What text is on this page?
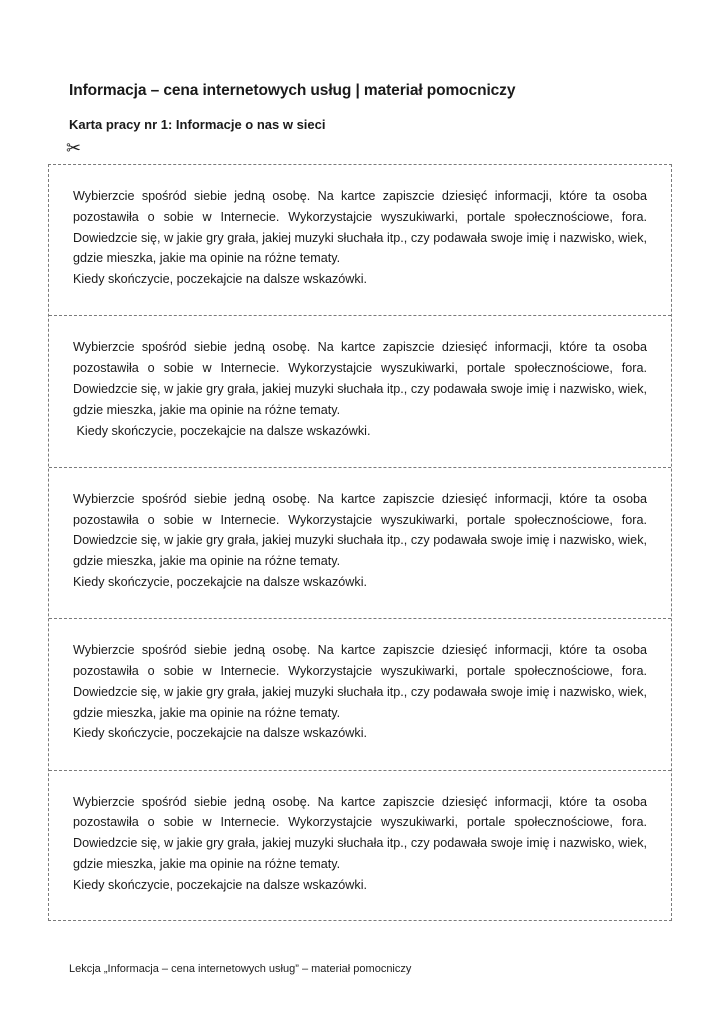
Informacja – cena internetowych usług | materiał pomocniczy
Karta pracy nr 1: Informacje o nas w sieci
✂

Wybierzcie spośród siebie jedną osobę. Na kartce zapiszcie dziesięć informacji, które ta osoba pozostawiła o sobie w Internecie. Wykorzystajcie wyszukiwarki, portale społecznościowe, fora. Dowiedzcie się, w jakie gry grała, jakiej muzyki słuchała itp., czy podawała swoje imię i nazwisko, wiek, gdzie mieszka, jakie ma opinie na różne tematy.

Kiedy skończycie, poczekajcie na dalsze wskazówki.

Wybierzcie spośród siebie jedną osobę. Na kartce zapiszcie dziesięć informacji, które ta osoba pozostawiła o sobie w Internecie. Wykorzystajcie wyszukiwarki, portale społecznościowe, fora. Dowiedzcie się, w jakie gry grała, jakiej muzyki słuchała itp., czy podawała swoje imię i nazwisko, wiek, gdzie mieszka, jakie ma opinie na różne tematy.

Kiedy skończycie, poczekajcie na dalsze wskazówki.

Wybierzcie spośród siebie jedną osobę. Na kartce zapiszcie dziesięć informacji, które ta osoba pozostawiła o sobie w Internecie. Wykorzystajcie wyszukiwarki, portale społecznościowe, fora. Dowiedzcie się, w jakie gry grała, jakiej muzyki słuchała itp., czy podawała swoje imię i nazwisko, wiek, gdzie mieszka, jakie ma opinie na różne tematy.

Kiedy skończycie, poczekajcie na dalsze wskazówki.

Wybierzcie spośród siebie jedną osobę. Na kartce zapiszcie dziesięć informacji, które ta osoba pozostawiła o sobie w Internecie. Wykorzystajcie wyszukiwarki, portale społecznościowe, fora. Dowiedzcie się, w jakie gry grała, jakiej muzyki słuchała itp., czy podawała swoje imię i nazwisko, wiek, gdzie mieszka, jakie ma opinie na różne tematy.

Kiedy skończycie, poczekajcie na dalsze wskazówki.

Wybierzcie spośród siebie jedną osobę. Na kartce zapiszcie dziesięć informacji, które ta osoba pozostawiła o sobie w Internecie. Wykorzystajcie wyszukiwarki, portale społecznościowe, fora. Dowiedzcie się, w jakie gry grała, jakiej muzyki słuchała itp., czy podawała swoje imię i nazwisko, wiek, gdzie mieszka, jakie ma opinie na różne tematy.

Kiedy skończycie, poczekajcie na dalsze wskazówki.

Lekcja „Informacja – cena internetowych usług” – materiał pomocniczy
